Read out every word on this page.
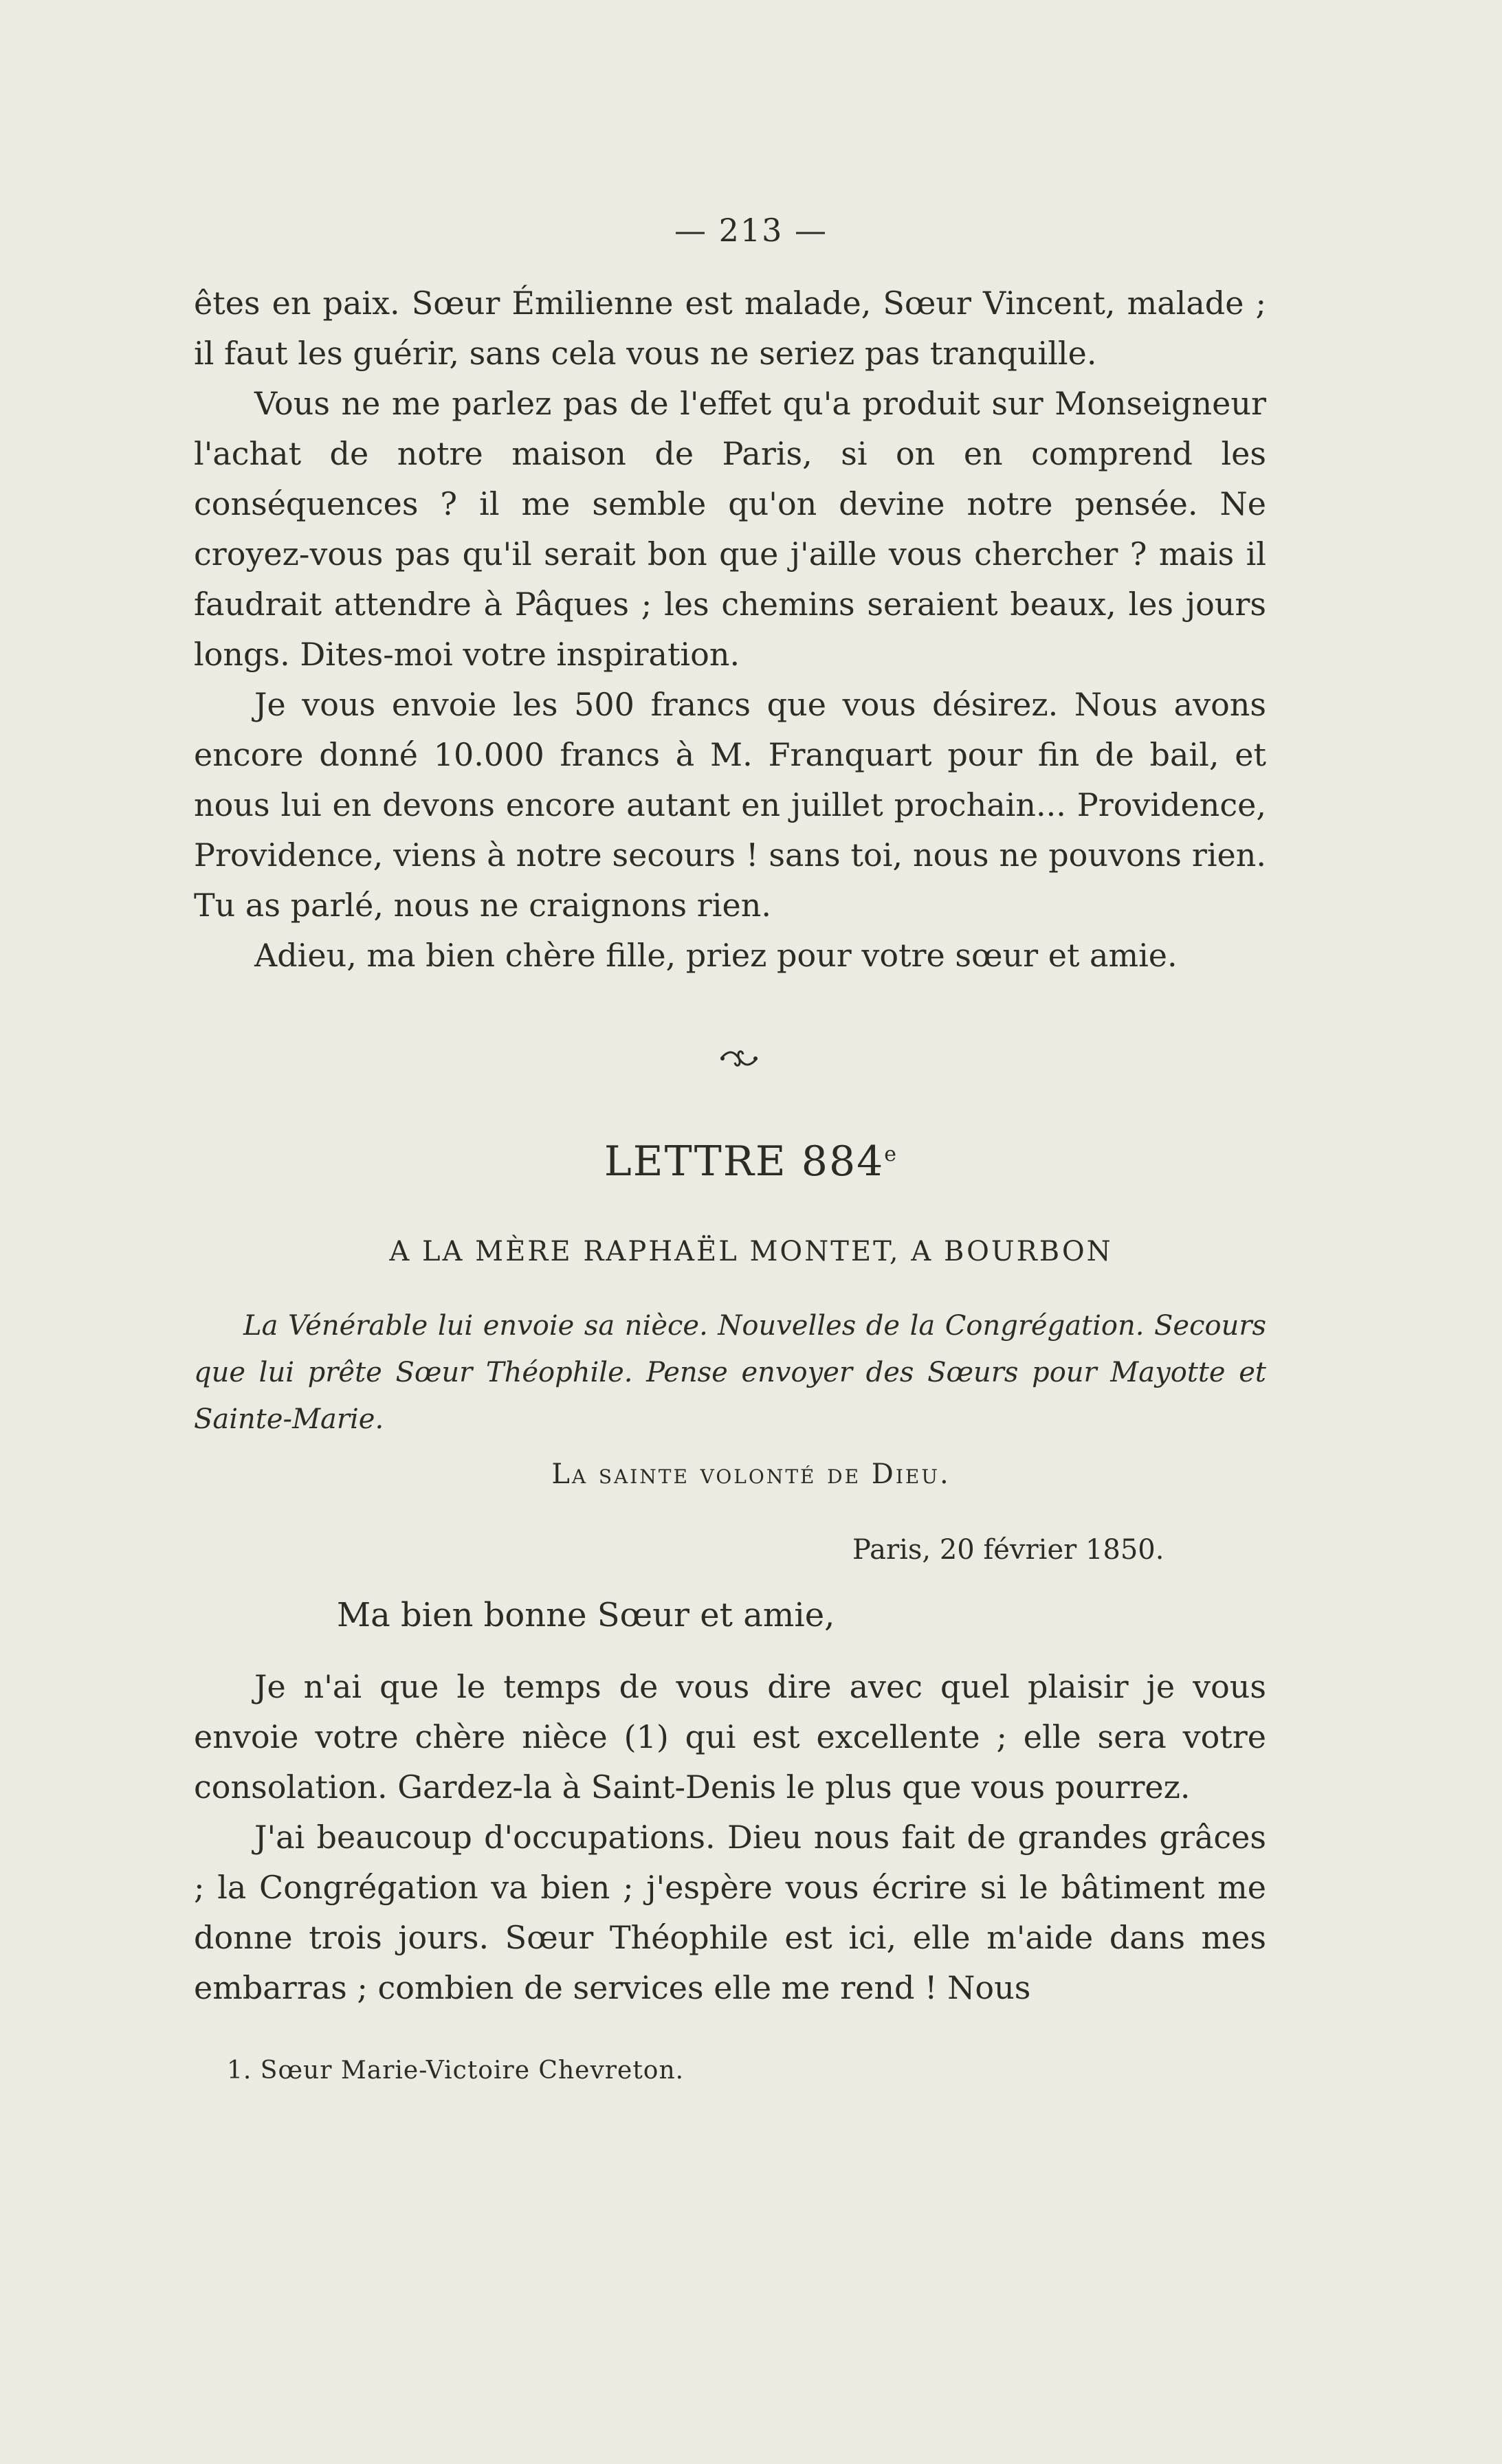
— 213 —

êtes en paix. Sœur Émilienne est malade, Sœur Vincent, malade ; il faut les guérir, sans cela vous ne seriez pas tranquille.

Vous ne me parlez pas de l'effet qu'a produit sur Monseigneur l'achat de notre maison de Paris, si on en comprend les conséquences ? il me semble qu'on devine notre pensée. Ne croyez-vous pas qu'il serait bon que j'aille vous chercher ? mais il faudrait attendre à Pâques ; les chemins seraient beaux, les jours longs. Dites-moi votre inspiration.

Je vous envoie les 500 francs que vous désirez. Nous avons encore donné 10.000 francs à M. Franquart pour fin de bail, et nous lui en devons encore autant en juillet prochain... Providence, Providence, viens à notre secours ! sans toi, nous ne pouvons rien. Tu as parlé, nous ne craignons rien.

Adieu, ma bien chère fille, priez pour votre sœur et amie.

LETTRE 884e
A LA MÈRE RAPHAËL MONTET, A BOURBON

La Vénérable lui envoie sa nièce. Nouvelles de la Congrégation. Secours que lui prête Sœur Théophile. Pense envoyer des Sœurs pour Mayotte et Sainte-Marie.

La sainte volonté de Dieu.
Paris, 20 février 1850.
Ma bien bonne Sœur et amie,

Je n'ai que le temps de vous dire avec quel plaisir je vous envoie votre chère nièce (1) qui est excellente ; elle sera votre consolation. Gardez-la à Saint-Denis le plus que vous pourrez.

J'ai beaucoup d'occupations. Dieu nous fait de grandes grâces ; la Congrégation va bien ; j'espère vous écrire si le bâtiment me donne trois jours. Sœur Théophile est ici, elle m'aide dans mes embarras ; combien de services elle me rend ! Nous

1. Sœur Marie-Victoire Chevreton.
